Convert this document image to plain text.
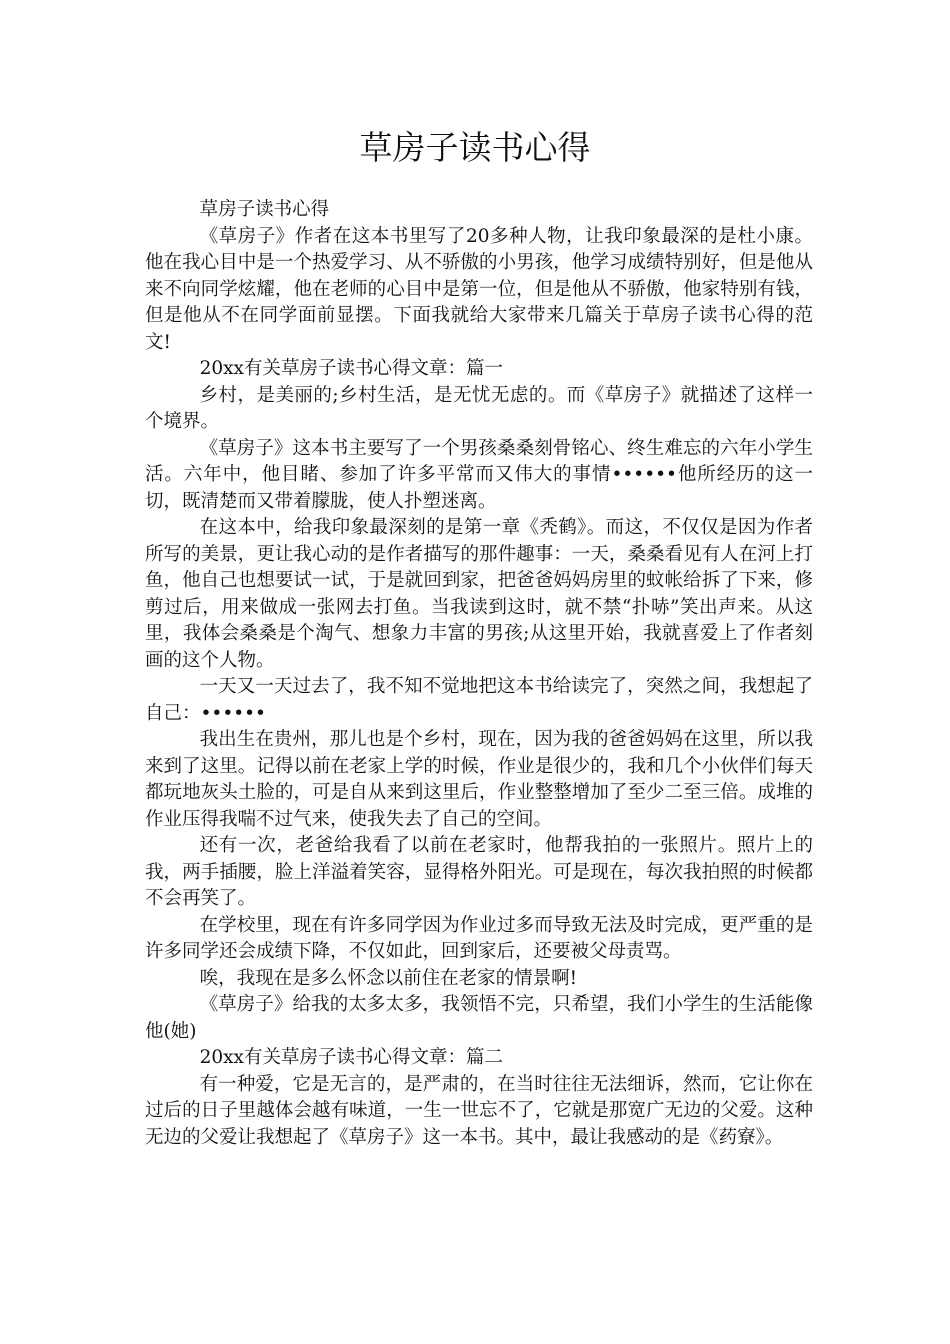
草房子读书心得

草房子读书心得

《草房子》作者在这本书里写了20多种人物，让我印象最深的是杜小康。他在我心目中是一个热爱学习、从不骄傲的小男孩，他学习成绩特别好，但是他从来不向同学炫耀，他在老师的心目中是第一位，但是他从不骄傲，他家特别有钱，但是他从不在同学面前显摆。下面我就给大家带来几篇关于草房子读书心得的范文!

20xx有关草房子读书心得文章：篇一

乡村，是美丽的;乡村生活，是无忧无虑的。而《草房子》就描述了这样一个境界。

《草房子》这本书主要写了一个男孩桑桑刻骨铭心、终生难忘的六年小学生活。六年中，他目睹、参加了许多平常而又伟大的事情••••••他所经历的这一切，既清楚而又带着朦胧，使人扑塑迷离。

在这本中，给我印象最深刻的是第一章《秃鹤》。而这，不仅仅是因为作者所写的美景，更让我心动的是作者描写的那件趣事：一天，桑桑看见有人在河上打鱼，他自己也想要试一试，于是就回到家，把爸爸妈妈房里的蚊帐给拆了下来，修剪过后，用来做成一张网去打鱼。当我读到这时，就不禁“扑哧”笑出声来。从这里，我体会桑桑是个淘气、想象力丰富的男孩;从这里开始，我就喜爱上了作者刻画的这个人物。

一天又一天过去了，我不知不觉地把这本书给读完了，突然之间，我想起了自己：••••••

我出生在贵州，那儿也是个乡村，现在，因为我的爸爸妈妈在这里，所以我来到了这里。记得以前在老家上学的时候，作业是很少的，我和几个小伙伴们每天都玩地灰头土脸的，可是自从来到这里后，作业整整增加了至少二至三倍。成堆的作业压得我喘不过气来，使我失去了自己的空间。

还有一次，老爸给我看了以前在老家时，他帮我拍的一张照片。照片上的我，两手插腰，脸上洋溢着笑容，显得格外阳光。可是现在，每次我拍照的时候都不会再笑了。

在学校里，现在有许多同学因为作业过多而导致无法及时完成，更严重的是许多同学还会成绩下降，不仅如此，回到家后，还要被父母责骂。

唉，我现在是多么怀念以前住在老家的情景啊!

《草房子》给我的太多太多，我领悟不完，只希望，我们小学生的生活能像他(她)

20xx有关草房子读书心得文章：篇二

有一种爱，它是无言的，是严肃的，在当时往往无法细诉，然而，它让你在过后的日子里越体会越有味道，一生一世忘不了，它就是那宽广无边的父爱。这种无边的父爱让我想起了《草房子》这一本书。其中，最让我感动的是《药寮》。
